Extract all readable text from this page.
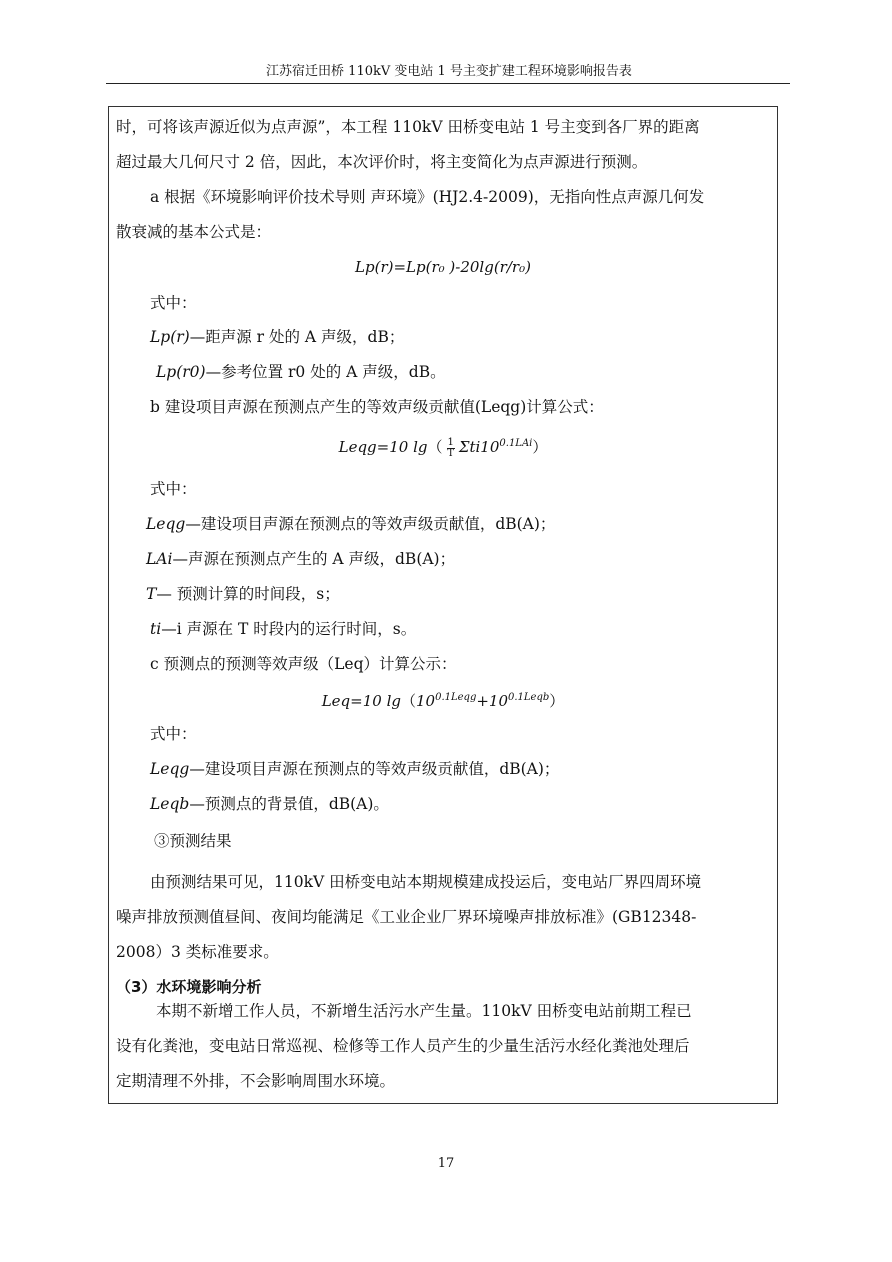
江苏宿迁田桥 110kV 变电站 1 号主变扩建工程环境影响报告表
时，可将该声源近似为点声源”，本工程 110kV 田桥变电站 1 号主变到各厂界的距离
超过最大几何尺寸 2 倍，因此，本次评价时，将主变简化为点声源进行预测。
a 根据《环境影响评价技术导则 声环境》(HJ2.4-2009)，无指向性点声源几何发
散衰减的基本公式是：
Lp(r)=Lp(r₀ )-20lg(r/r₀)
式中：
Lp(r)—距声源 r 处的 A 声级，dB；
Lp(r0)—参考位置 r0 处的 A 声级，dB。
b 建设项目声源在预测点产生的等效声级贡献值(Leqg)计算公式：
Leqg=10 $\lg( \frac{1}{T} \Sigma ti10^{0.1LAi})$
式中：
Leqg—建设项目声源在预测点的等效声级贡献值，dB(A)；
LAi—声源在预测点产生的 A 声级，dB(A)；
T— 预测计算的时间段，s；
ti—i 声源在 T 时段内的运行时间，s。
c 预测点的预测等效声级（Leq）计算公示：
Leq=10 $\lg(10^{0.1Leqg}+10^{0.1Leqb})$
式中：
Leqg—建设项目声源在预测点的等效声级贡献值，dB(A)；
Leqb—预测点的背景值，dB(A)。
③预测结果
由预测结果可见，110kV 田桥变电站本期规模建成投运后，变电站厂界四周环境
噪声排放预测值昼间、夜间均能满足《工业企业厂界环境噪声排放标准》(GB12348-
2008）3 类标准要求。
（3）水环境影响分析
本期不新增工作人员，不新增生活污水产生量。110kV 田桥变电站前期工程已
设有化粪池，变电站日常巡视、检修等工作人员产生的少量生活污水经化粪池处理后
定期清理不外排，不会影响周围水环境。
17
